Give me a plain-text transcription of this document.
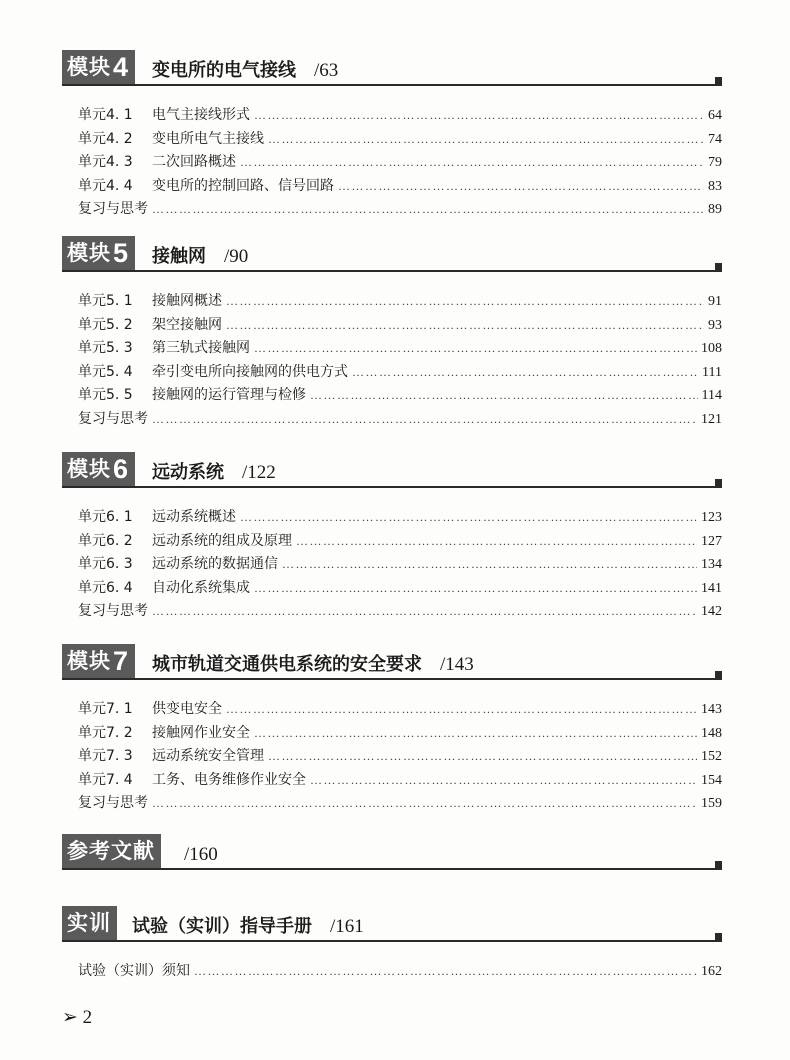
模块 4 变电所的电气接线 /63
单元4. 1	电气主接线形式 …………………………………………………………………………………………………………………………………………………	64
单元4. 2	变电所电气主接线 …………………………………………………………………………………………………………………………………………………	74
单元4. 3	二次回路概述 …………………………………………………………………………………………………………………………………………………	79
单元4. 4	变电所的控制回路、信号回路 …………………………………………………………………………………………………………………………………………………	83
复习与思考 …………………………………………………………………………………………………………………………………………………	89
模块 5 接触网 /90
单元5. 1	接触网概述 …………………………………………………………………………………………………………………………………………………	91
单元5. 2	架空接触网 …………………………………………………………………………………………………………………………………………………	93
单元5. 3	第三轨式接触网 …………………………………………………………………………………………………………………………………………………	108
单元5. 4	牵引变电所向接触网的供电方式 …………………………………………………………………………………………………………………………………………………	111
单元5. 5	接触网的运行管理与检修 …………………………………………………………………………………………………………………………………………………	114
复习与思考 …………………………………………………………………………………………………………………………………………………	121
模块 6 远动系统 /122
单元6. 1	远动系统概述 …………………………………………………………………………………………………………………………………………………	123
单元6. 2	远动系统的组成及原理 …………………………………………………………………………………………………………………………………………………	127
单元6. 3	远动系统的数据通信 …………………………………………………………………………………………………………………………………………………	134
单元6. 4	自动化系统集成 …………………………………………………………………………………………………………………………………………………	141
复习与思考 …………………………………………………………………………………………………………………………………………………	142
模块 7 城市轨道交通供电系统的安全要求 /143
单元7. 1	供变电安全 …………………………………………………………………………………………………………………………………………………	143
单元7. 2	接触网作业安全 …………………………………………………………………………………………………………………………………………………	148
单元7. 3	远动系统安全管理 …………………………………………………………………………………………………………………………………………………	152
单元7. 4	工务、电务维修作业安全 …………………………………………………………………………………………………………………………………………………	154
复习与思考 …………………………………………………………………………………………………………………………………………………	159
参考文献	/160
实训 试验（实训）指导手册 /161
试验（实训）须知 …………………………………………………………………………………………………………………………………………………	162
➢ 2
